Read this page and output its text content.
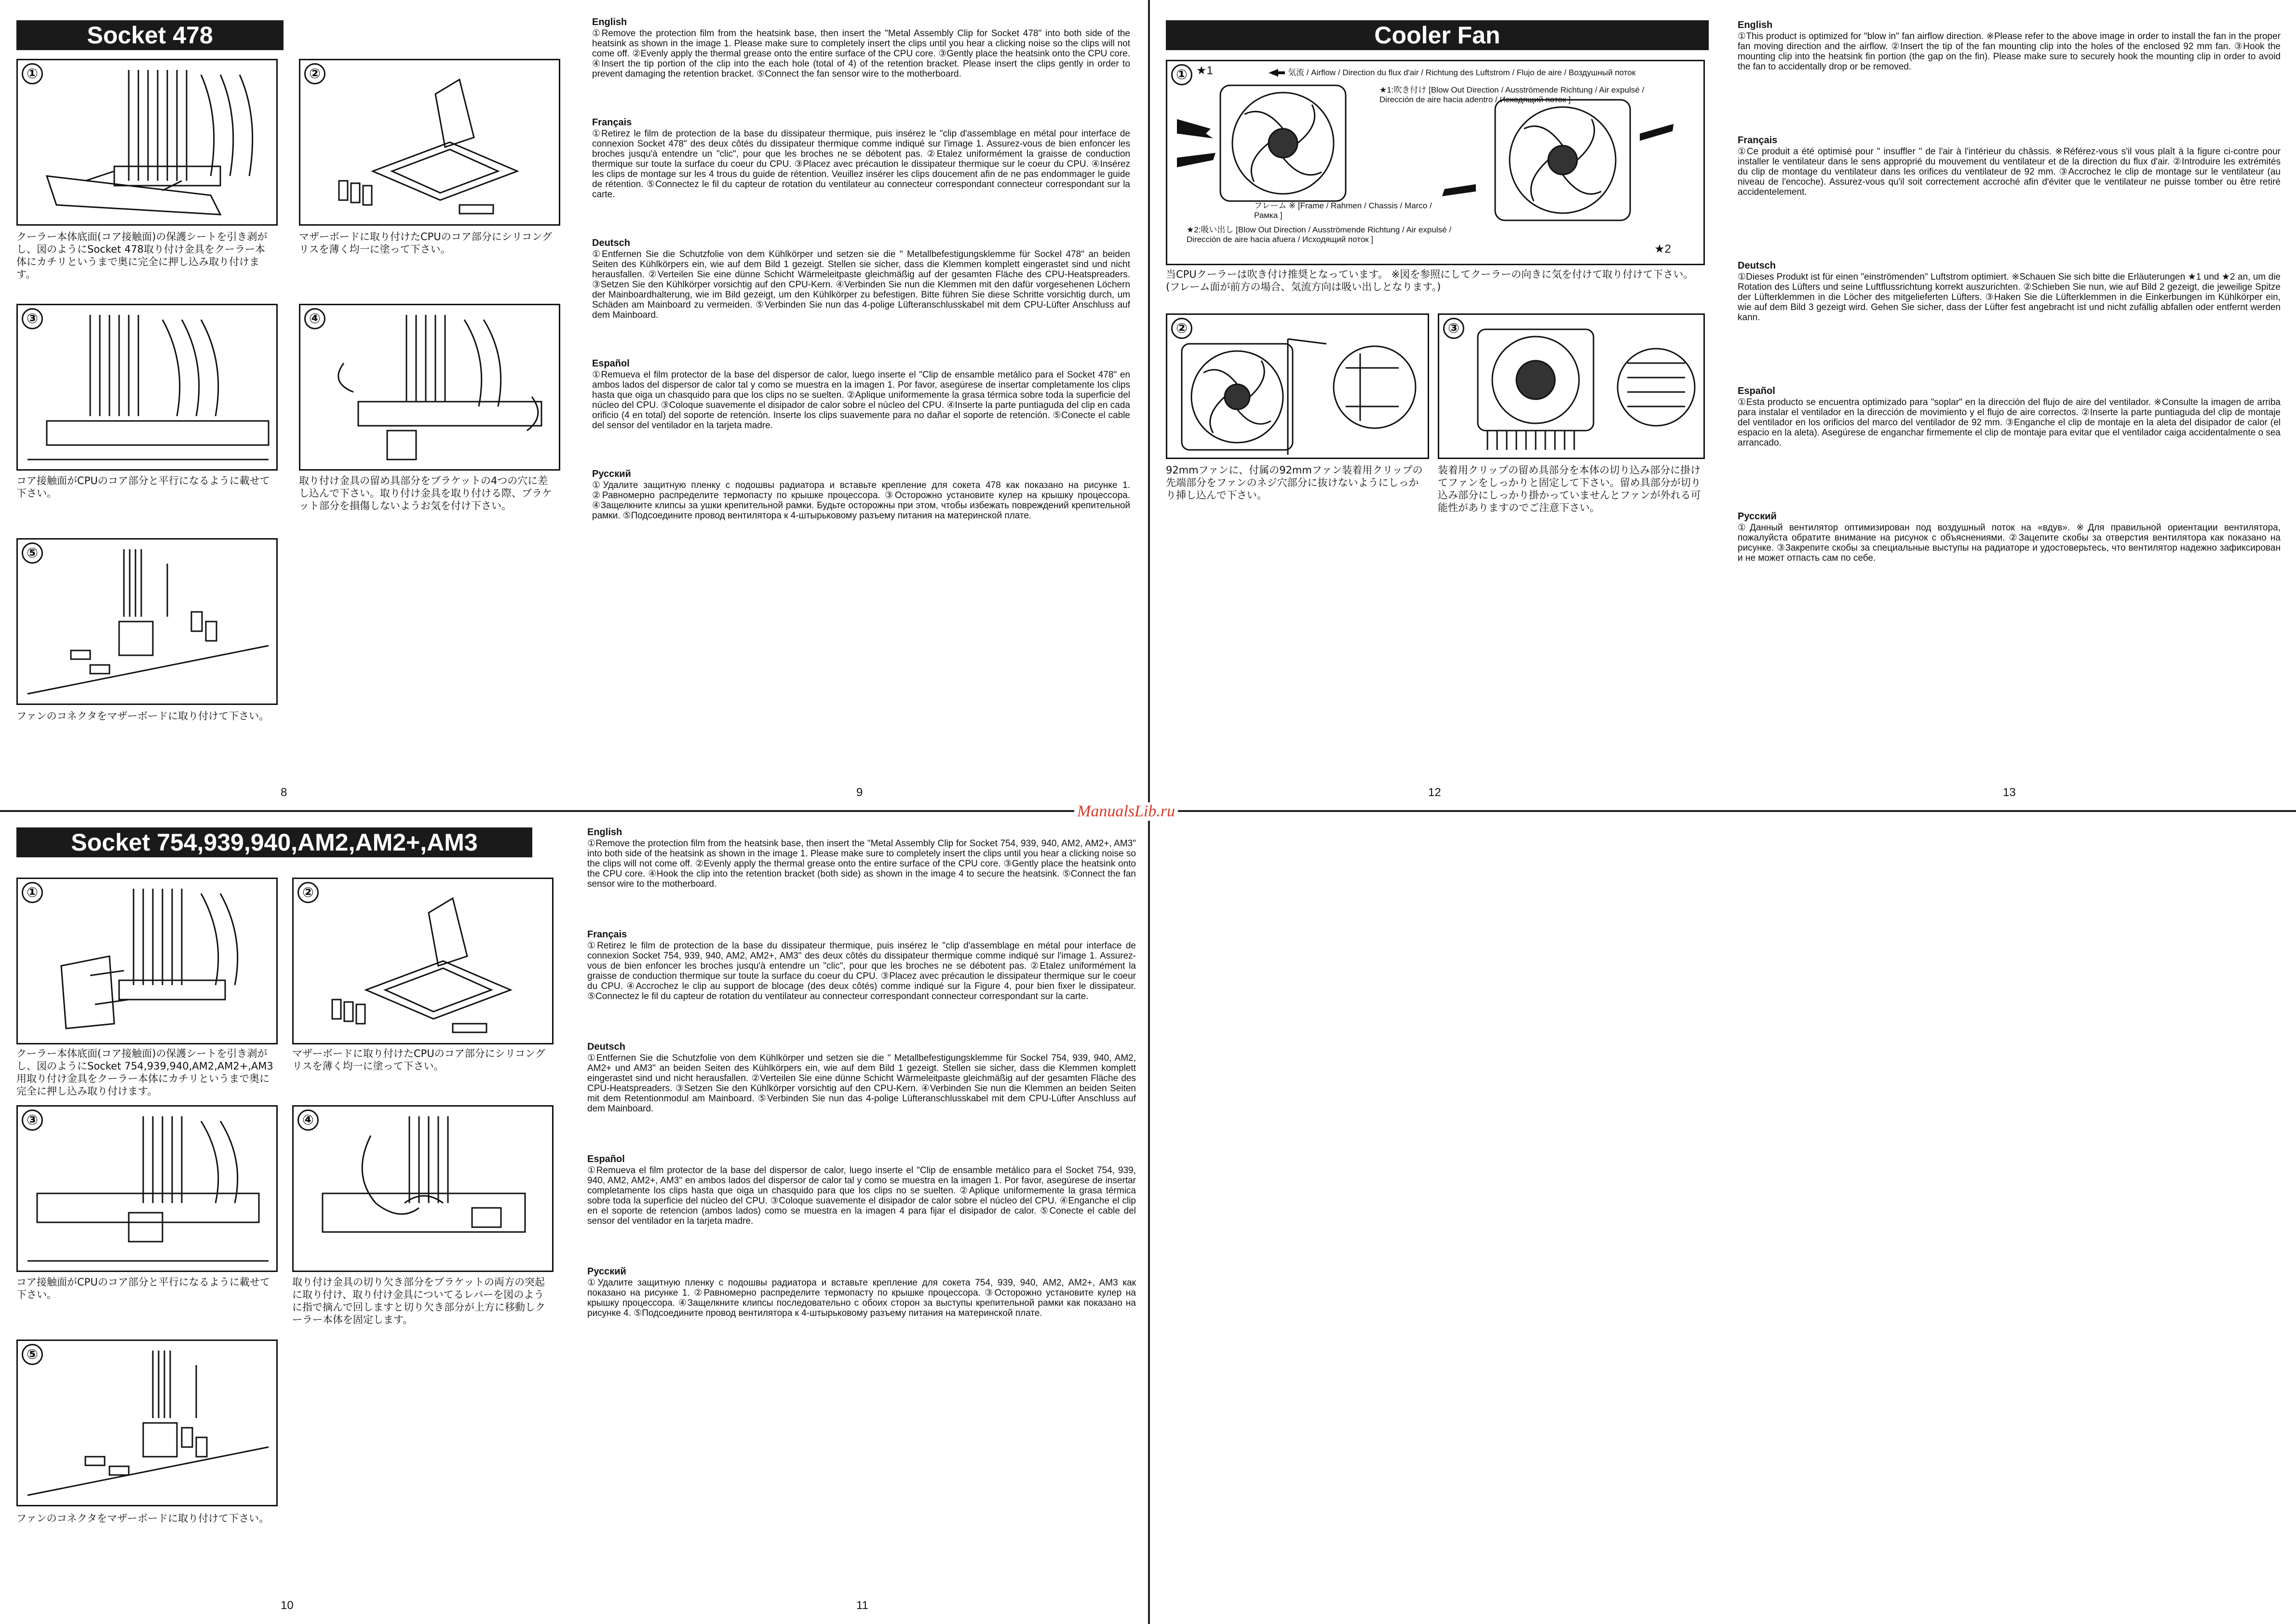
ManualsLib.ru
Socket 478
①
クーラー本体底面(コア接触面)の保護シートを引き剥がし、図のようにSocket 478取り付け金具をクーラー本体にカチリというまで奥に完全に押し込み取り付けます。
②
マザーボードに取り付けたCPUのコア部分にシリコングリスを薄く均一に塗って下さい。
③
コア接触面がCPUのコア部分と平行になるように載せて下さい。
④
取り付け金具の留め具部分をブラケットの4つの穴に差し込んで下さい。取り付け金具を取り付ける際、ブラケット部分を損傷しないようお気を付け下さい。
⑤
ファンのコネクタをマザーボードに取り付けて下さい。
8
English

①Remove the protection film from the heatsink base, then insert the "Metal Assembly Clip for Socket 478" into both side of the heatsink as shown in the image 1. Please make sure to completely insert the clips until you hear a clicking noise so the clips will not come off. ②Evenly apply the thermal grease onto the entire surface of the CPU core. ③Gently place the heatsink onto the CPU core. ④Insert the tip portion of the clip into the each hole (total of 4) of the retention bracket. Please insert the clips gently in order to prevent damaging the retention bracket. ⑤Connect the fan sensor wire to the motherboard.

Français

①Retirez le film de protection de la base du dissipateur thermique, puis insérez le "clip d'assemblage en métal pour interface de connexion Socket 478" des deux côtés du dissipateur thermique comme indiqué sur l'image 1. Assurez-vous de bien enfoncer les broches jusqu'à entendre un "clic", pour que les broches ne se débotent pas. ②Etalez uniformément la graisse de conduction thermique sur toute la surface du coeur du CPU. ③Placez avec précaution le dissipateur thermique sur le coeur du CPU. ④Insérez les clips de montage sur les 4 trous du guide de rétention. Veuillez insérer les clips doucement afin de ne pas endommager le guide de rétention. ⑤Connectez le fil du capteur de rotation du ventilateur au connecteur correspondant connecteur correspondant sur la carte.

Deutsch

①Entfernen Sie die Schutzfolie von dem Kühlkörper und setzen sie die " Metallbefestigungsklemme für Sockel 478" an beiden Seiten des Kühlkörpers ein, wie auf dem Bild 1 gezeigt. Stellen sie sicher, dass die Klemmen komplett eingerastet sind und nicht herausfallen. ②Verteilen Sie eine dünne Schicht Wärmeleitpaste gleichmäßig auf der gesamten Fläche des CPU-Heatspreaders. ③Setzen Sie den Kühlkörper vorsichtig auf den CPU-Kern. ④Verbinden Sie nun die Klemmen mit den dafür vorgesehenen Löchern der Mainboardhalterung, wie im Bild gezeigt, um den Kühlkörper zu befestigen. Bitte führen Sie diese Schritte vorsichtig durch, um Schäden am Mainboard zu vermeiden. ⑤Verbinden Sie nun das 4-polige Lüfteranschlusskabel mit dem CPU-Lüfter Anschluss auf dem Mainboard.

Español

①Remueva el film protector de la base del dispersor de calor, luego inserte el "Clip de ensamble metálico para el Socket 478" en ambos lados del dispersor de calor tal y como se muestra en la imagen 1. Por favor, asegúrese de insertar completamente los clips hasta que oiga un chasquido para que los clips no se suelten. ②Aplique uniformemente la grasa térmica sobre toda la superficie del núcleo del CPU. ③Coloque suavemente el disipador de calor sobre el núcleo del CPU. ④Inserte la parte puntiaguda del clip en cada orificio (4 en total) del soporte de retención. Inserte los clips suavemente para no dañar el soporte de retención. ⑤Conecte el cable del sensor del ventilador en la tarjeta madre.

Русский

①Удалите защитную пленку с подошвы радиатора и вставьте крепление для сокета 478 как показано на рисунке 1. ②Равномерно распределите термопасту по крышке процессора. ③Осторожно установите кулер на крышку процессора. ④Защелкните клипсы за ушки крепительной рамки. Будьте осторожны при этом, чтобы избежать повреждений крепительной рамки. ⑤Подсоедините провод вентилятора к 4-штырьковому разъему питания на материнской плате.

9
Socket 754,939,940,AM2,AM2+,AM3
①
クーラー本体底面(コア接触面)の保護シートを引き剥がし、図のようにSocket 754,939,940,AM2,AM2+,AM3用取り付け金具をクーラー本体にカチリというまで奥に完全に押し込み取り付けます。
②
マザーボードに取り付けたCPUのコア部分にシリコングリスを薄く均一に塗って下さい。
③
コア接触面がCPUのコア部分と平行になるように載せて下さい。
④
取り付け金具の切り欠き部分をブラケットの両方の突起に取り付け、取り付け金具についてるレバーを図のように指で摘んで回しますと切り欠き部分が上方に移動しクーラー本体を固定します。
⑤
ファンのコネクタをマザーボードに取り付けて下さい。
10
English

①Remove the protection film from the heatsink base, then insert the "Metal Assembly Clip for Socket 754, 939, 940, AM2, AM2+, AM3" into both side of the heatsink as shown in the image 1. Please make sure to completely insert the clips until you hear a clicking noise so the clips will not come off. ②Evenly apply the thermal grease onto the entire surface of the CPU core. ③Gently place the heatsink onto the CPU core. ④Hook the clip into the retention bracket (both side) as shown in the image 4 to secure the heatsink. ⑤Connect the fan sensor wire to the motherboard.

Français

①Retirez le film de protection de la base du dissipateur thermique, puis insérez le "clip d'assemblage en métal pour interface de connexion Socket 754, 939, 940, AM2, AM2+, AM3" des deux côtés du dissipateur thermique comme indiqué sur l'image 1. Assurez-vous de bien enfoncer les broches jusqu'à entendre un "clic", pour que les broches ne se débotent pas. ②Etalez uniformément la graisse de conduction thermique sur toute la surface du coeur du CPU. ③Placez avec précaution le dissipateur thermique sur le coeur du CPU. ④Accrochez le clip au support de blocage (des deux côtés) comme indiqué sur la Figure 4, pour bien fixer le dissipateur. ⑤Connectez le fil du capteur de rotation du ventilateur au connecteur correspondant connecteur correspondant sur la carte.

Deutsch

①Entfernen Sie die Schutzfolie von dem Kühlkörper und setzen sie die " Metallbefestigungsklemme für Sockel 754, 939, 940, AM2, AM2+ und AM3" an beiden Seiten des Kühlkörpers ein, wie auf dem Bild 1 gezeigt. Stellen sie sicher, dass die Klemmen komplett eingerastet sind und nicht herausfallen. ②Verteilen Sie eine dünne Schicht Wärmeleitpaste gleichmäßig auf der gesamten Fläche des CPU-Heatspreaders. ③Setzen Sie den Kühlkörper vorsichtig auf den CPU-Kern. ④Verbinden Sie nun die Klemmen an beiden Seiten mit dem Retentionmodul am Mainboard. ⑤Verbinden Sie nun das 4-polige Lüfteranschlusskabel mit dem CPU-Lüfter Anschluss auf dem Mainboard.

Español

①Remueva el film protector de la base del dispersor de calor, luego inserte el "Clip de ensamble metálico para el Socket 754, 939, 940, AM2, AM2+, AM3" en ambos lados del dispersor de calor tal y como se muestra en la imagen 1. Por favor, asegúrese de insertar completamente los clips hasta que oiga un chasquido para que los clips no se suelten. ②Aplique uniformemente la grasa térmica sobre toda la superficie del núcleo del CPU. ③Coloque suavemente el disipador de calor sobre el núcleo del CPU. ④Enganche el clip en el soporte de retencion (ambos lados) como se muestra en la imagen 4 para fijar el disipador de calor. ⑤Conecte el cable del sensor del ventilador en la tarjeta madre.

Русский

①Удалите защитную пленку с подошвы радиатора и вставьте крепление для сокета 754, 939, 940, AM2, AM2+, AM3 как показано на рисунке 1. ②Равномерно распределите термопасту по крышке процессора. ③Осторожно установите кулер на крышку процессора. ④Защелкните клипсы последовательно с обоих сторон за выступы крепительной рамки как показано на рисунке 4. ⑤Подсоедините провод вентилятора к 4-штырьковому разъему питания на материнской плате.

11
Cooler Fan
① ★1	気流 / Airflow / Direction du flux d'air / Richtung des Luftstrom / Flujo de aire / Воздушный поток
★1:吹き付け [Blow Out Direction / Ausströmende Richtung / Air expulsé / Dirección de aire hacia adentro / Исходящий поток ]
フレーム ※ [Frame / Rahmen / Chassis / Marco / Рамка ]
★2:吸い出し [Blow Out Direction / Ausströmende Richtung / Air expulsé / Dirección de aire hacia afuera / Исходящий поток ]
★2
当CPUクーラーは吹き付け推奨となっています。 ※図を参照にしてクーラーの向きに気を付けて取り付けて下さい。(フレーム面が前方の場合、気流方向は吸い出しとなります。)
②
92mmファンに、付属の92mmファン装着用クリップの先端部分をファンのネジ穴部分に抜けないようにしっかり挿し込んで下さい。
③
装着用クリップの留め具部分を本体の切り込み部分に掛けてファンをしっかりと固定して下さい。留め具部分が切り込み部分にしっかり掛かっていませんとファンが外れる可能性がありますのでご注意下さい。
12
English

①This product is optimized for "blow in" fan airflow direction. ※Please refer to the above image in order to install the fan in the proper fan moving direction and the airflow. ②Insert the tip of the fan mounting clip into the holes of the enclosed 92 mm fan. ③Hook the mounting clip into the heatsink fin portion (the gap on the fin). Please make sure to securely hook the mounting clip in order to avoid the fan to accidentally drop or be removed.

Français

①Ce produit a été optimisé pour " insuffler " de l'air à l'intérieur du châssis. ※Référez-vous s'il vous plaît à la figure ci-contre pour installer le ventilateur dans le sens approprié du mouvement du ventilateur et de la direction du flux d'air. ②Introduire les extrémités du clip de montage du ventilateur dans les orifices du ventilateur de 92 mm. ③Accrochez le clip de montage sur le ventilateur (au niveau de l'encoche). Assurez-vous qu'il soit correctement accroché afin d'éviter que le ventilateur ne puisse tomber ou être retiré accidentelement.

Deutsch

①Dieses Produkt ist für einen "einströmenden" Luftstrom optimiert. ※Schauen Sie sich bitte die Erläuterungen ★1 und ★2 an, um die Rotation des Lüfters und seine Luftflussrichtung korrekt auszurichten. ②Schieben Sie nun, wie auf Bild 2 gezeigt, die jeweilige Spitze der Lüfterklemmen in die Löcher des mitgelieferten Lüfters. ③Haken Sie die Lüfterklemmen in die Einkerbungen im Kühlkörper ein, wie auf dem Bild 3 gezeigt wird. Gehen Sie sicher, dass der Lüfter fest angebracht ist und nicht zufällig abfallen oder entfernt werden kann.

Español

①Esta producto se encuentra optimizado para "soplar" en la dirección del flujo de aire del ventilador. ※Consulte la imagen de arriba para instalar el ventilador en la dirección de movimiento y el flujo de aire correctos. ②Inserte la parte puntiaguda del clip de montaje del ventilador en los orificios del marco del ventilador de 92 mm. ③Enganche el clip de montaje en la aleta del disipador de calor (el espacio en la aleta). Asegúrese de enganchar firmemente el clip de montaje para evitar que el ventilador caiga accidentalmente o sea arrancado.

Русский

①Данный вентилятор оптимизирован под воздушный поток на «вдув». ※Для правильной ориентации вентилятора, пожалуйста обратите внимание на рисунок с объяснениями. ②Зацепите скобы за отверстия вентилятора как показано на рисунке. ③Закрепите скобы за специальные выступы на радиаторе и удостоверьтесь, что вентилятор надежно зафиксирован и не может отпасть сам по себе.

13
